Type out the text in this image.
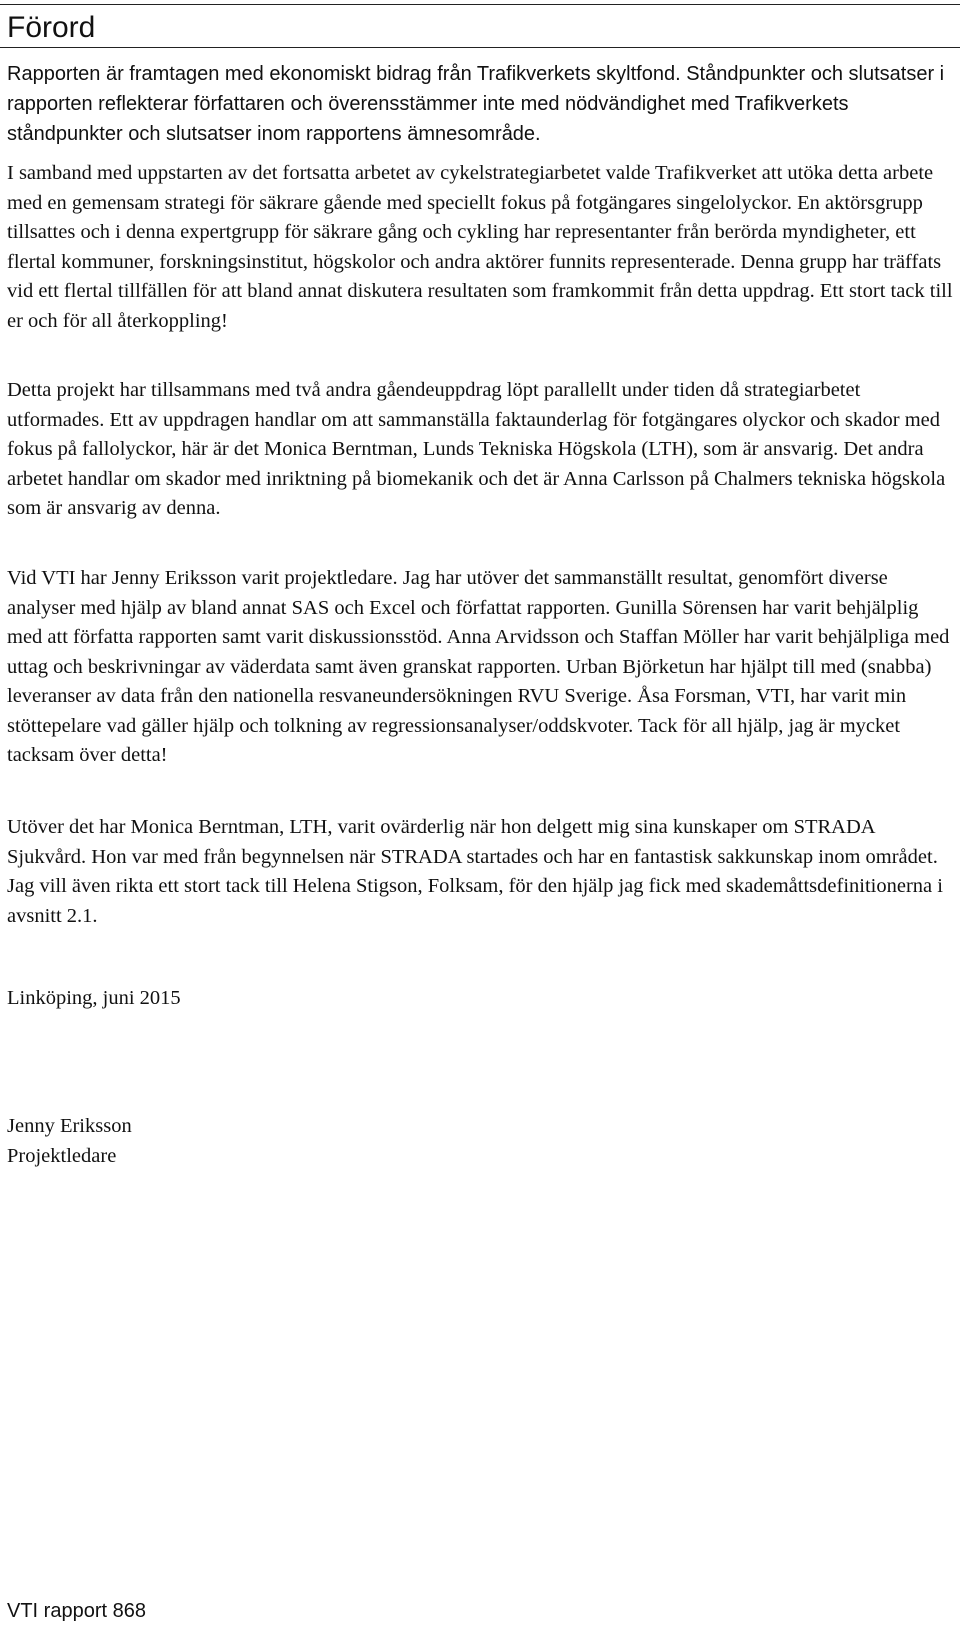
Förord

Rapporten är framtagen med ekonomiskt bidrag från Trafikverkets skyltfond. Ståndpunkter och slutsatser i rapporten reflekterar författaren och överensstämmer inte med nödvändighet med Trafikverkets ståndpunkter och slutsatser inom rapportens ämnesområde.

I samband med uppstarten av det fortsatta arbetet av cykelstrategiarbetet valde Trafikverket att utöka detta arbete med en gemensam strategi för säkrare gående med speciellt fokus på fotgängares singelolyckor. En aktörsgrupp tillsattes och i denna expertgrupp för säkrare gång och cykling har representanter från berörda myndigheter, ett flertal kommuner, forskningsinstitut, högskolor och andra aktörer funnits representerade. Denna grupp har träffats vid ett flertal tillfällen för att bland annat diskutera resultaten som framkommit från detta uppdrag. Ett stort tack till er och för all återkoppling!

Detta projekt har tillsammans med två andra gåendeuppdrag löpt parallellt under tiden då strategiarbetet utformades. Ett av uppdragen handlar om att sammanställa faktaunderlag för fotgängares olyckor och skador med fokus på fallolyckor, här är det Monica Berntman, Lunds Tekniska Högskola (LTH), som är ansvarig. Det andra arbetet handlar om skador med inriktning på biomekanik och det är Anna Carlsson på Chalmers tekniska högskola som är ansvarig av denna.

Vid VTI har Jenny Eriksson varit projektledare. Jag har utöver det sammanställt resultat, genomfört diverse analyser med hjälp av bland annat SAS och Excel och författat rapporten. Gunilla Sörensen har varit behjälplig med att författa rapporten samt varit diskussionsstöd. Anna Arvidsson och Staffan Möller har varit behjälpliga med uttag och beskrivningar av väderdata samt även granskat rapporten. Urban Björketun har hjälpt till med (snabba) leveranser av data från den nationella resvaneundersökningen RVU Sverige. Åsa Forsman, VTI, har varit min stöttepelare vad gäller hjälp och tolkning av regressionsanalyser/oddskvoter. Tack för all hjälp, jag är mycket tacksam över detta!

Utöver det har Monica Berntman, LTH, varit ovärderlig när hon delgett mig sina kunskaper om STRADA Sjukvård. Hon var med från begynnelsen när STRADA startades och har en fantastisk sakkunskap inom området. Jag vill även rikta ett stort tack till Helena Stigson, Folksam, för den hjälp jag fick med skademåttsdefinitionerna i avsnitt 2.1.

Linköping, juni 2015

Jenny Eriksson

Projektledare

VTI rapport 868
